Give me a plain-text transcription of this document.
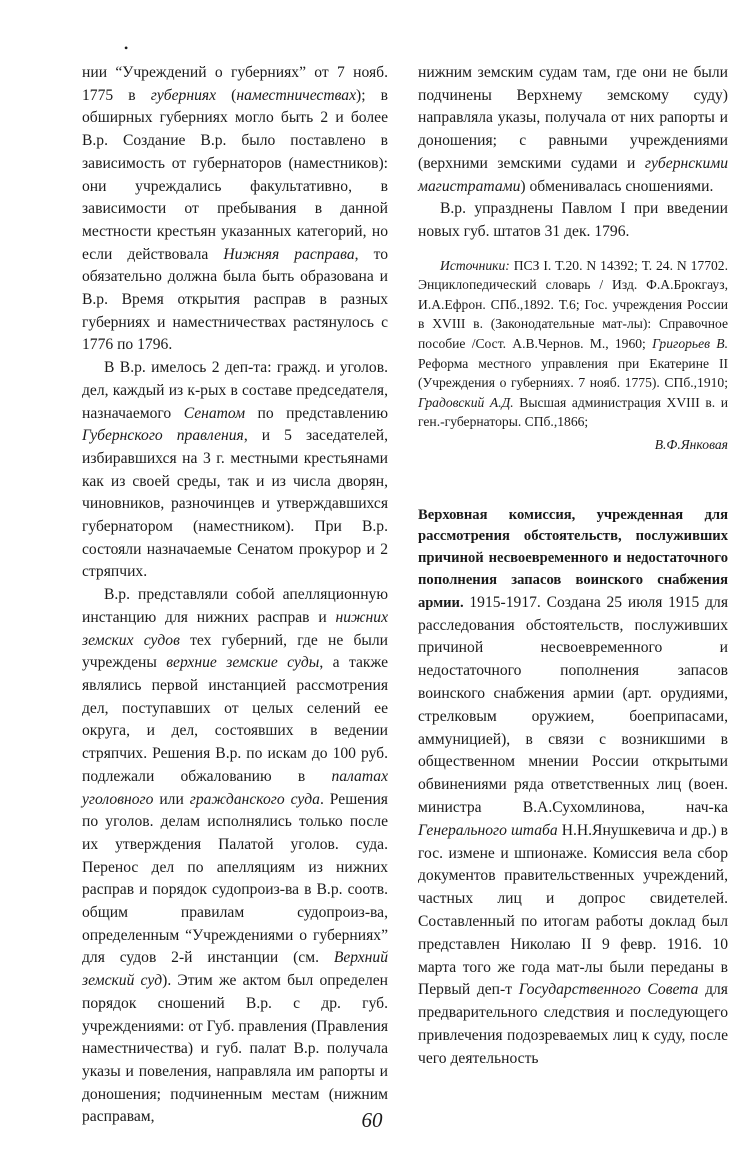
•

нии “Учреждений о губерниях” от 7 нояб. 1775 в губерниях (наместничествах); в обширных губерниях могло быть 2 и более В.р. Создание В.р. было поставлено в зависимость от губернаторов (наместников): они учреждались факультативно, в зависимости от пребывания в данной местности крестьян указанных категорий, но если действовала Нижняя расправа, то обязательно должна была быть образована и В.р. Время открытия расправ в разных губерниях и наместничествах растянулось с 1776 по 1796.

В В.р. имелось 2 деп-та: гражд. и уголов. дел, каждый из к-рых в составе председателя, назначаемого Сенатом по представлению Губернского правления, и 5 заседателей, избиравшихся на 3 г. местными крестьянами как из своей среды, так и из числа дворян, чиновников, разночинцев и утверждавшихся губернатором (наместником). При В.р. состояли назначаемые Сенатом прокурор и 2 стряпчих.

В.р. представляли собой апелляционную инстанцию для нижних расправ и нижних земских судов тех губерний, где не были учреждены верхние земские суды, а также являлись первой инстанцией рассмотрения дел, поступавших от целых селений ее округа, и дел, состоявших в ведении стряпчих. Решения В.р. по искам до 100 руб. подлежали обжалованию в палатах уголовного или гражданского суда. Решения по уголов. делам исполнялись только после их утверждения Палатой уголов. суда. Перенос дел по апелляциям из нижних расправ и порядок судопроиз-ва в В.р. соотв. общим правилам судопроиз-ва, определенным “Учреждениями о губерниях” для судов 2-й инстанции (см. Верхний земский суд). Этим же актом был определен порядок сношений В.р. с др. губ. учреждениями: от Губ. правления (Правления наместничества) и губ. палат В.р. получала указы и повеления, направляла им рапорты и доношения; подчиненным местам (нижним расправам,

нижним земским судам там, где они не были подчинены Верхнему земскому суду) направляла указы, получала от них рапорты и доношения; с равными учреждениями (верхними земскими судами и губернскими магистратами) обменивалась сношениями.

В.р. упразднены Павлом I при введении новых губ. штатов 31 дек. 1796.

Источники: ПСЗ I. Т.20. N 14392; Т. 24. N 17702. Энциклопедический словарь / Изд. Ф.А.Брокгауз, И.А.Ефрон. СПб.,1892. Т.6; Гос. учреждения России в XVIII в. (Законодательные мат-лы): Справочное пособие /Сост. А.В.Чернов. М., 1960; Григорьев В. Реформа местного управления при Екатерине II (Учреждения о губерниях. 7 нояб. 1775). СПб.,1910; Градовский А.Д. Высшая администрация XVIII в. и ген.-губернаторы. СПб.,1866;

В.Ф.Янковая

Верховная комиссия, учрежденная для рассмотрения обстоятельств, послуживших причиной несвоевременного и недостаточного пополнения запасов воинского снабжения армии. 1915-1917. Создана 25 июля 1915 для расследования обстоятельств, послуживших причиной несвоевременного и недостаточного пополнения запасов воинского снабжения армии (арт. орудиями, стрелковым оружием, боеприпасами, аммуницией), в связи с возникшими в общественном мнении России открытыми обвинениями ряда ответственных лиц (воен. министра В.А.Сухомлинова, нач-ка Генерального штаба Н.Н.Янушкевича и др.) в гос. измене и шпионаже. Комиссия вела сбор документов правительственных учреждений, частных лиц и допрос свидетелей. Составленный по итогам работы доклад был представлен Николаю II 9 февр. 1916. 10 марта того же года мат-лы были переданы в Первый деп-т Государственного Совета для предварительного следствия и последующего привлечения подозреваемых лиц к суду, после чего деятельность

60
